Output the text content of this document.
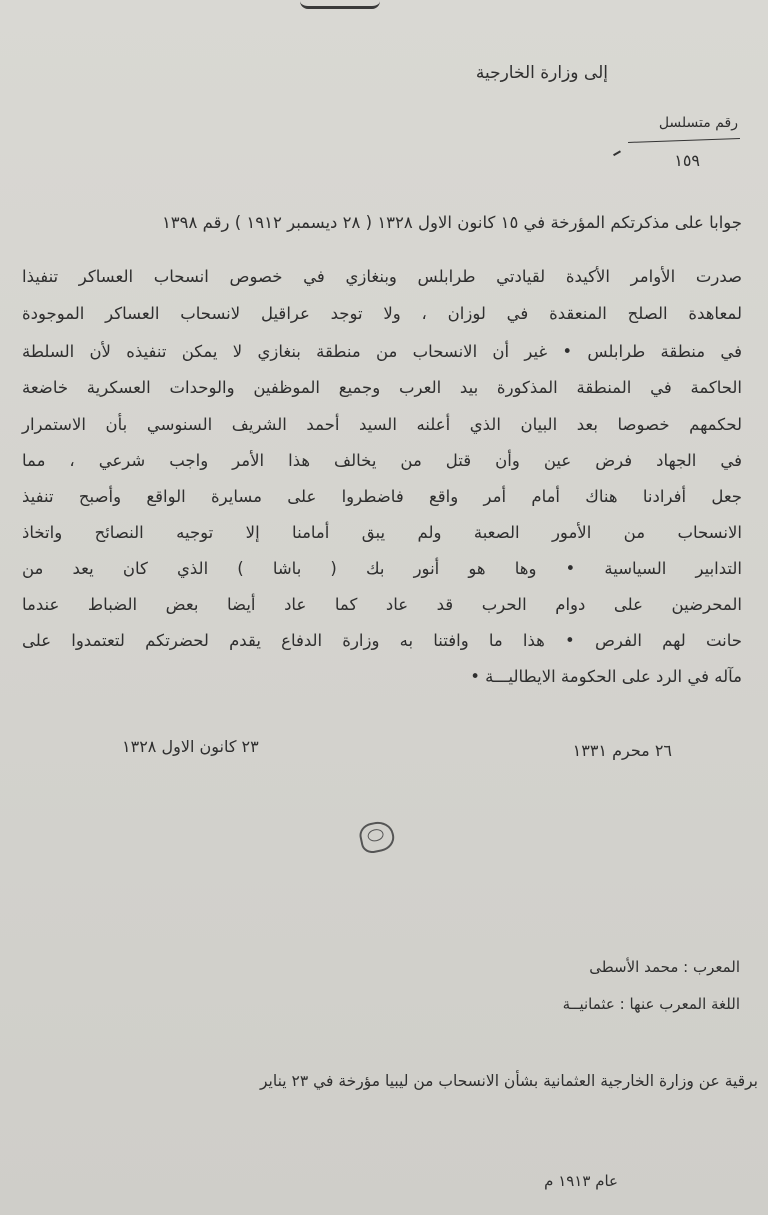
إلى وزارة الخارجية
رقم متسلسل
١٥٩
جوابا على مذكرتكم المؤرخة في ١٥ كانون الاول ١٣٢٨ ( ٢٨ ديسمبر ١٩١٢ ) رقم ١٣٩٨
صدرت الأوامر الأكيدة لقيادتي طرابلس وبنغازي في خصوص انسحاب العساكر تنفيذا
لمعاهدة الصلح المنعقدة في لوزان ، ولا توجد عراقيل لانسحاب العساكر الموجودة
في منطقة طرابلس • غير أن الانسحاب من منطقة بنغازي لا يمكن تنفيذه لأن السلطة
الحاكمة في المنطقة المذكورة بيد العرب وجميع الموظفين والوحدات العسكرية خاضعة
لحكمهم خصوصا بعد البيان الذي أعلنه السيد أحمد الشريف السنوسي بأن الاستمرار
في الجهاد فرض عين وأن قتل من يخالف هذا الأمر واجب شرعي ، مما
جعل أفرادنا هناك أمام أمر واقع فاضطروا على مسايرة الواقع وأصبح تنفيذ
الانسحاب من الأمور الصعبة ولم يبق أمامنا إلا توجيه النصائح واتخاذ
التدابير السياسية • وها هو أنور بك ( باشا ) الذي كان يعد من
المحرضين على دوام الحرب قد عاد كما عاد أيضا بعض الضباط عندما
حانت لهم الفرص • هذا ما وافتنا به وزارة الدفاع يقدم لحضرتكم لتعتمدوا على
مآله في الرد على الحكومة الايطاليـــة •
٢٣ كانون الاول ١٣٢٨	٢٦ محرم ١٣٣١
المعرب : محمد الأسطى
اللغة المعرب عنها : عثمانيــة
برقية عن وزارة الخارجية العثمانية بشأن الانسحاب من ليبيا مؤرخة في ٢٣ يناير
عام ١٩١٣ م
